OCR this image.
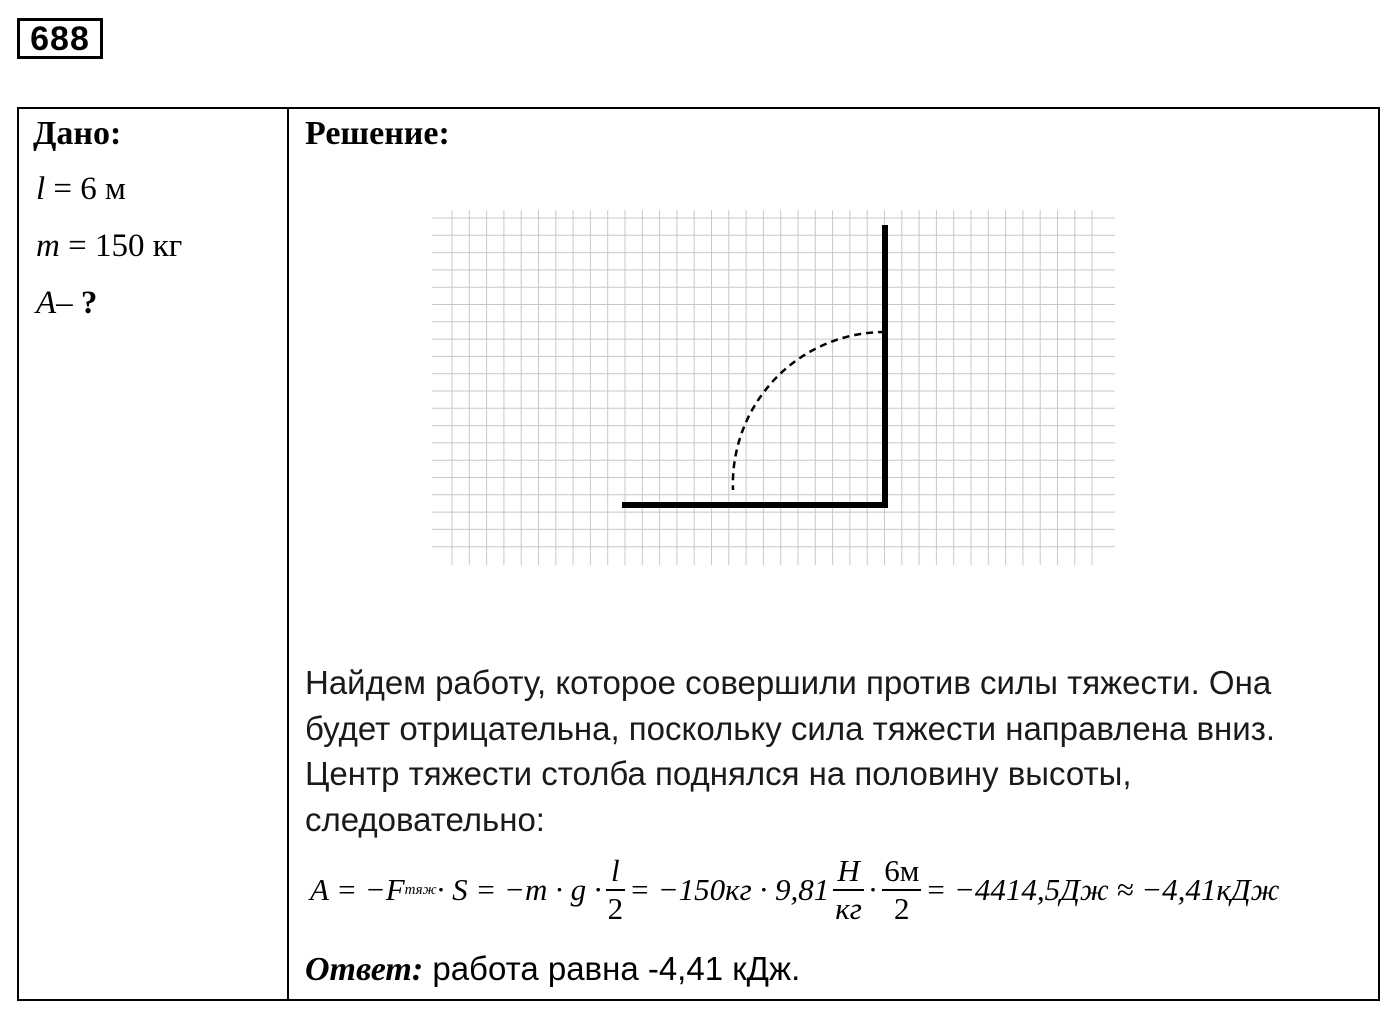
688
Дано:
l = 6 м
m = 150 кг
A– ?
Решение:
Найдем работу, которое совершили против силы тяжести. Она
будет отрицательна, поскольку сила тяжести направлена вниз.
Центр тяжести столба поднялся на половину высоты,
следовательно:
A = −F тяж · $S = -m \cdot g \cdot \frac{l}{2} = -150кг \cdot 9,81 \frac{Н}{кг} \cdot \frac{6м}{2} = -4414,5Дж \approx -4,41кДж$
Ответ: работа равна -4,41 кДж.
